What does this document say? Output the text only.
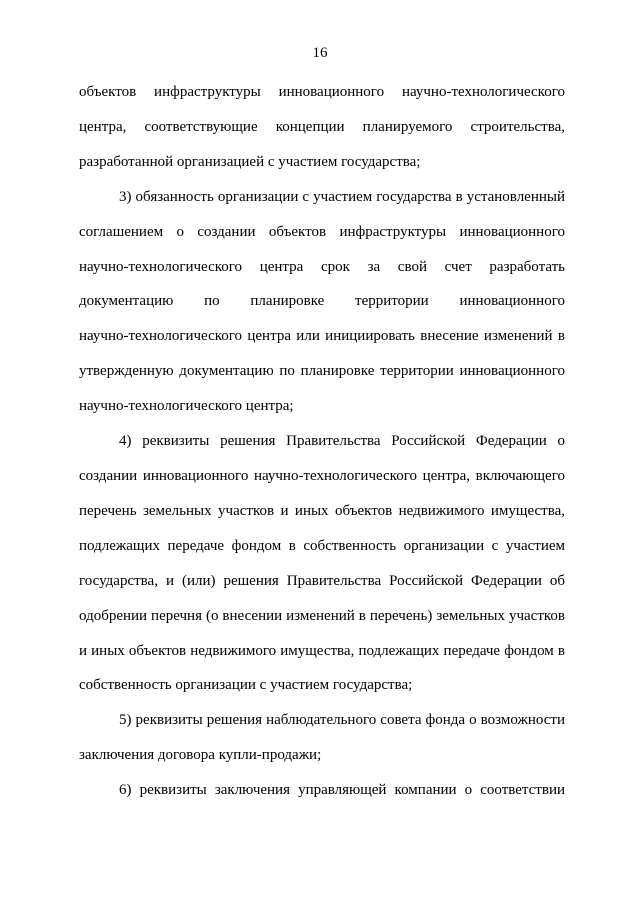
16
объектов инфраструктуры инновационного научно-технологического
центра, соответствующие концепции планируемого строительства,
разработанной организацией с участием государства;
3) обязанность организации с участием государства в установленный
соглашением о создании объектов инфраструктуры инновационного
научно-технологического центра срок за свой счет разработать
документацию по планировке территории инновационного
научно-технологического центра или инициировать внесение изменений в
утвержденную документацию по планировке территории инновационного
научно-технологического центра;
4) реквизиты решения Правительства Российской Федерации о
создании инновационного научно-технологического центра, включающего
перечень земельных участков и иных объектов недвижимого имущества,
подлежащих передаче фондом в собственность организации с участием
государства, и (или) решения Правительства Российской Федерации об
одобрении перечня (о внесении изменений в перечень) земельных участков
и иных объектов недвижимого имущества, подлежащих передаче фондом в
собственность организации с участием государства;
5) реквизиты решения наблюдательного совета фонда о возможности
заключения договора купли-продажи;
6) реквизиты заключения управляющей компании о соответствии
